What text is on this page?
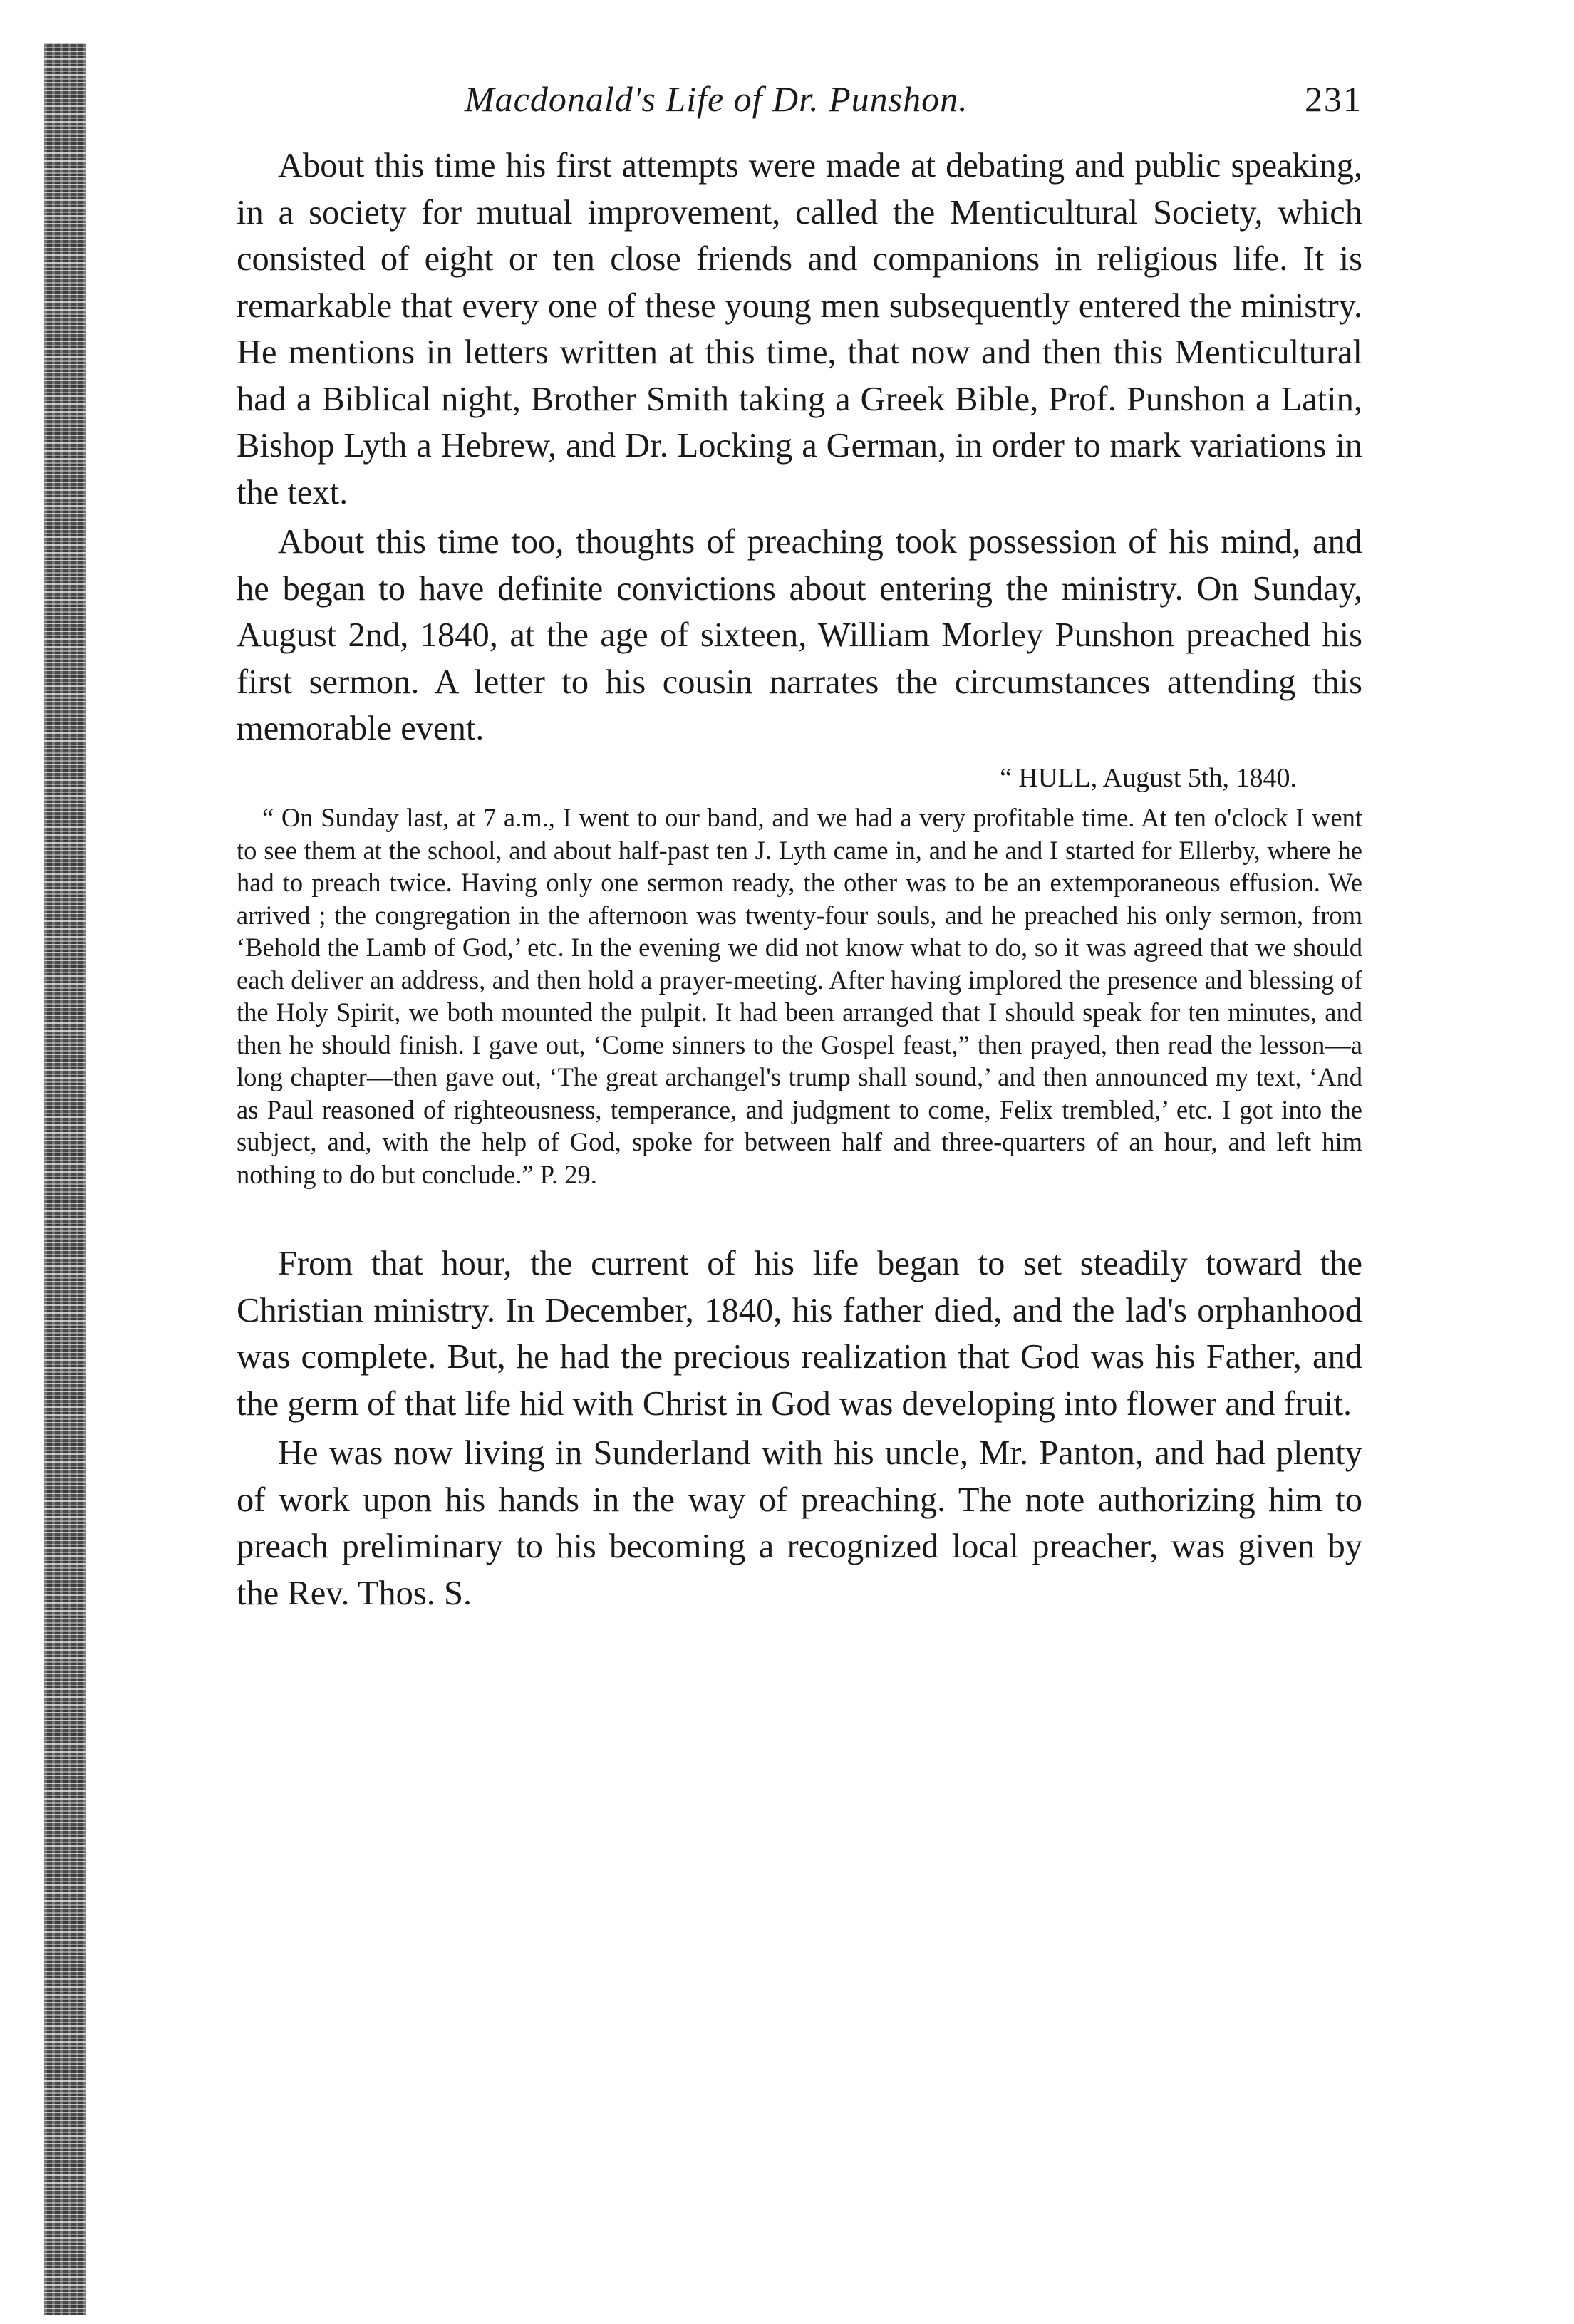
Macdonald's Life of Dr. Punshon.	231

About this time his first attempts were made at debating and public speaking, in a society for mutual improvement, called the Menticultural Society, which consisted of eight or ten close friends and companions in religious life. It is remarkable that every one of these young men subsequently entered the ministry. He mentions in letters written at this time, that now and then this Menticultural had a Biblical night, Brother Smith taking a Greek Bible, Prof. Punshon a Latin, Bishop Lyth a Hebrew, and Dr. Locking a German, in order to mark variations in the text.

About this time too, thoughts of preaching took possession of his mind, and he began to have definite convictions about entering the ministry. On Sunday, August 2nd, 1840, at the age of sixteen, William Morley Punshon preached his first sermon. A letter to his cousin narrates the circumstances attending this memorable event.

“ HULL, August 5th, 1840.

“ On Sunday last, at 7 a.m., I went to our band, and we had a very profitable time. At ten o'clock I went to see them at the school, and about half-past ten J. Lyth came in, and he and I started for Ellerby, where he had to preach twice. Having only one sermon ready, the other was to be an extemporaneous effusion. We arrived ; the congregation in the afternoon was twenty-four souls, and he preached his only sermon, from ‘Behold the Lamb of God,’ etc. In the evening we did not know what to do, so it was agreed that we should each deliver an address, and then hold a prayer-meeting. After having implored the presence and blessing of the Holy Spirit, we both mounted the pulpit. It had been arranged that I should speak for ten minutes, and then he should finish. I gave out, ‘Come sinners to the Gospel feast,” then prayed, then read the lesson—a long chapter—then gave out, ‘The great archangel's trump shall sound,’ and then announced my text, ‘And as Paul reasoned of righteousness, temperance, and judgment to come, Felix trembled,’ etc. I got into the subject, and, with the help of God, spoke for between half and three-quarters of an hour, and left him nothing to do but conclude.” P. 29.

From that hour, the current of his life began to set steadily toward the Christian ministry. In December, 1840, his father died, and the lad's orphanhood was complete. But, he had the precious realization that God was his Father, and the germ of that life hid with Christ in God was developing into flower and fruit.

He was now living in Sunderland with his uncle, Mr. Panton, and had plenty of work upon his hands in the way of preaching. The note authorizing him to preach preliminary to his becoming a recognized local preacher, was given by the Rev. Thos. S.
